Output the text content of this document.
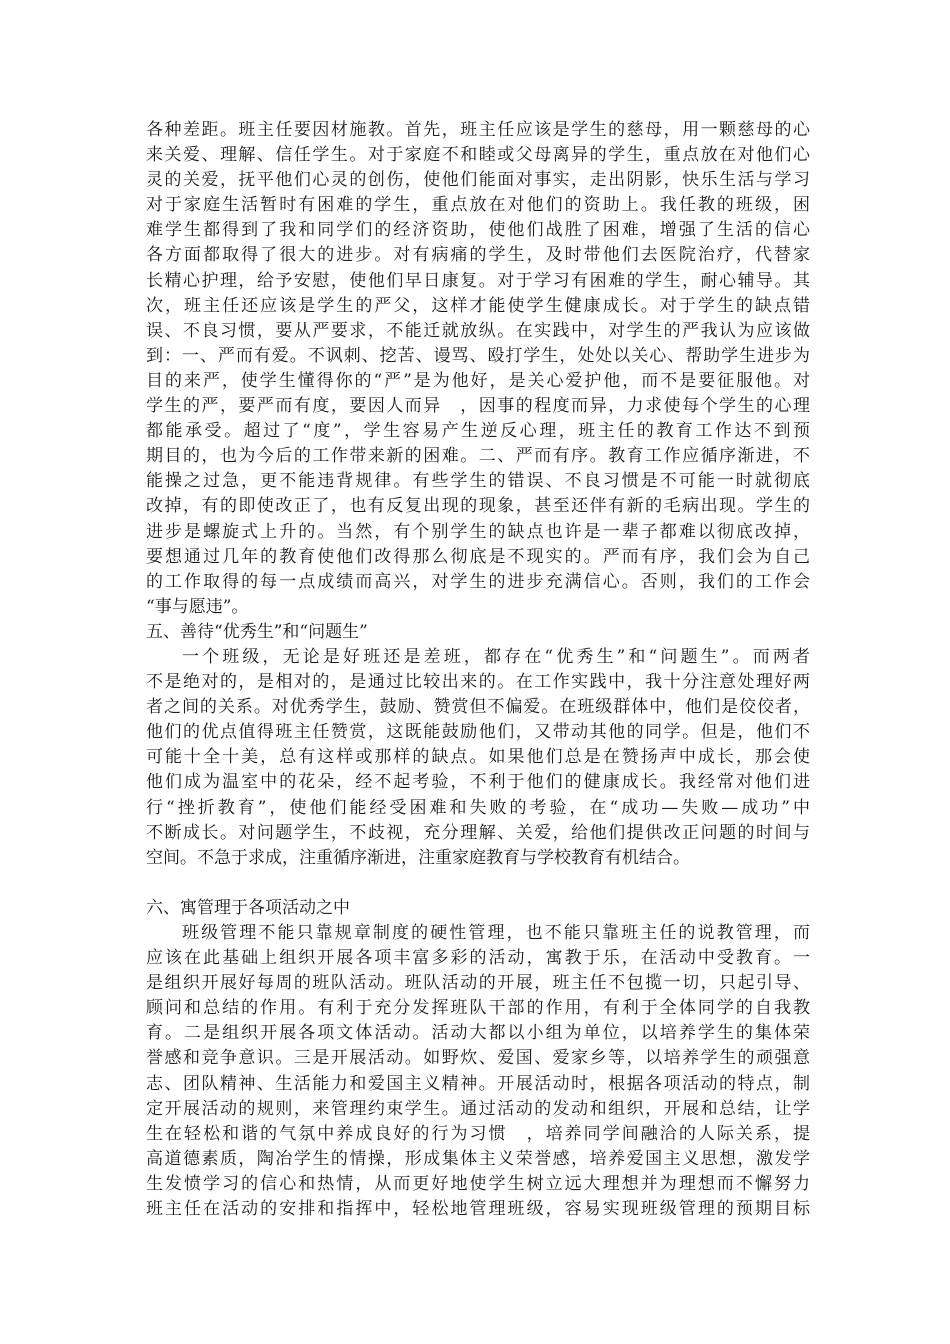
各种差距。班主任要因材施教。首先，班主任应该是学生的慈母，用一颗慈母的心
来关爱、理解、信任学生。对于家庭不和睦或父母离异的学生，重点放在对他们心
灵的关爱，抚平他们心灵的创伤，使他们能面对事实，走出阴影，快乐生活与学习
对于家庭生活暂时有困难的学生，重点放在对他们的资助上。我任教的班级，困
难学生都得到了我和同学们的经济资助，使他们战胜了困难，增强了生活的信心
各方面都取得了很大的进步。对有病痛的学生，及时带他们去医院治疗，代替家
长精心护理，给予安慰，使他们早日康复。对于学习有困难的学生，耐心辅导。其
次，班主任还应该是学生的严父，这样才能使学生健康成长。对于学生的缺点错
误、不良习惯，要从严要求，不能迁就放纵。在实践中，对学生的严我认为应该做
到：一、严而有爱。不讽刺、挖苦、谩骂、殴打学生，处处以关心、帮助学生进步为
目的来严，使学生懂得你的“严”是为他好，是关心爱护他，而不是要征服他。对
学生的严，要严而有度，要因人而异　，因事的程度而异，力求使每个学生的心理
都能承受。超过了“度”，学生容易产生逆反心理，班主任的教育工作达不到预
期目的，也为今后的工作带来新的困难。二、严而有序。教育工作应循序渐进，不
能操之过急，更不能违背规律。有些学生的错误、不良习惯是不可能一时就彻底
改掉，有的即使改正了，也有反复出现的现象，甚至还伴有新的毛病出现。学生的
进步是螺旋式上升的。当然，有个别学生的缺点也许是一辈子都难以彻底改掉，
要想通过几年的教育使他们改得那么彻底是不现实的。严而有序，我们会为自己
的工作取得的每一点成绩而高兴，对学生的进步充满信心。否则，我们的工作会
“事与愿违”。
五、善待“优秀生”和“问题生”
一个班级，无论是好班还是差班，都存在“优秀生”和“问题生”。而两者
不是绝对的，是相对的，是通过比较出来的。在工作实践中，我十分注意处理好两
者之间的关系。对优秀学生，鼓励、赞赏但不偏爱。在班级群体中，他们是佼佼者，
他们的优点值得班主任赞赏，这既能鼓励他们，又带动其他的同学。但是，他们不
可能十全十美，总有这样或那样的缺点。如果他们总是在赞扬声中成长，那会使
他们成为温室中的花朵，经不起考验，不利于他们的健康成长。我经常对他们进
行“挫折教育”，使他们能经受困难和失败的考验，在“成功—失败—成功”中
不断成长。对问题学生，不歧视，充分理解、关爱，给他们提供改正问题的时间与
空间。不急于求成，注重循序渐进，注重家庭教育与学校教育有机结合。
六、寓管理于各项活动之中
班级管理不能只靠规章制度的硬性管理，也不能只靠班主任的说教管理，而
应该在此基础上组织开展各项丰富多彩的活动，寓教于乐，在活动中受教育。一
是组织开展好每周的班队活动。班队活动的开展，班主任不包揽一切，只起引导、
顾问和总结的作用。有利于充分发挥班队干部的作用，有利于全体同学的自我教
育。二是组织开展各项文体活动。活动大都以小组为单位，以培养学生的集体荣
誉感和竞争意识。三是开展活动。如野炊、爱国、爱家乡等，以培养学生的顽强意
志、团队精神、生活能力和爱国主义精神。开展活动时，根据各项活动的特点，制
定开展活动的规则，来管理约束学生。通过活动的发动和组织，开展和总结，让学
生在轻松和谐的气氛中养成良好的行为习惯　，培养同学间融洽的人际关系，提
高道德素质，陶冶学生的情操，形成集体主义荣誉感，培养爱国主义思想，激发学
生发愤学习的信心和热情，从而更好地使学生树立远大理想并为理想而不懈努力
班主任在活动的安排和指挥中，轻松地管理班级，容易实现班级管理的预期目标
